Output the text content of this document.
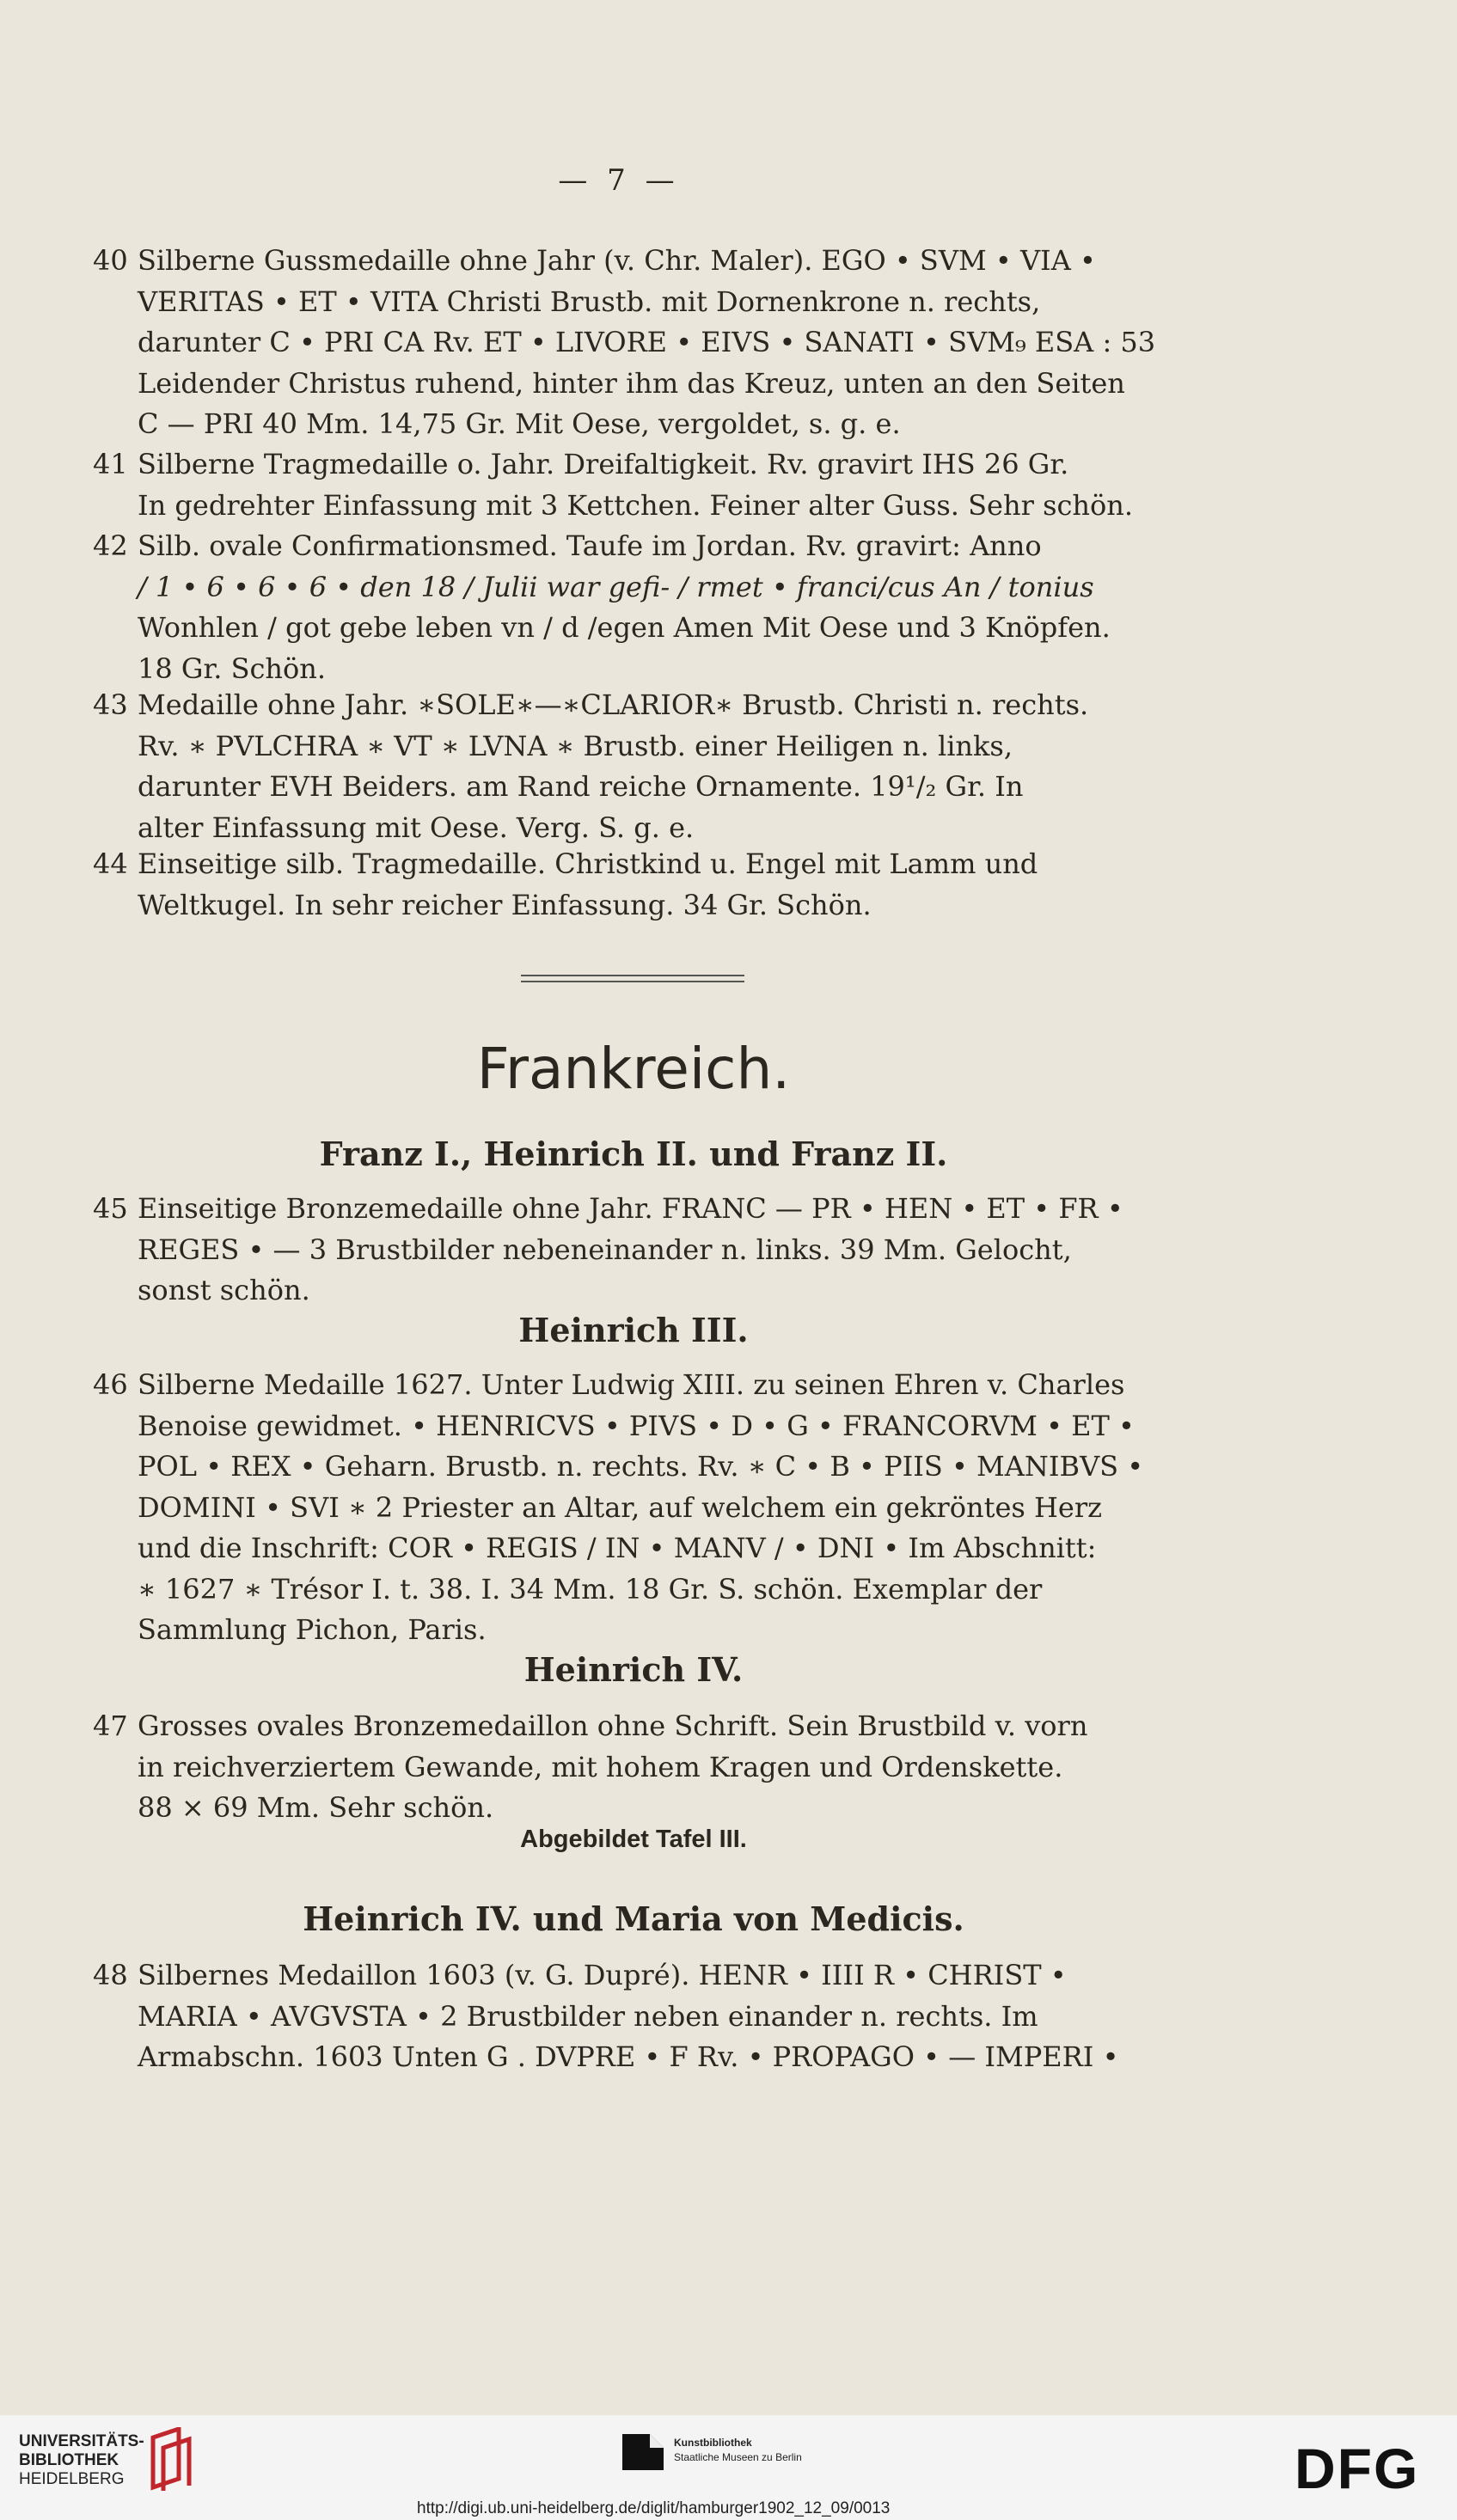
— 7 —
40 Silberne Gussmedaille ohne Jahr (v. Chr. Maler). EGO • SVM • VIA •
VERITAS • ET • VITA Christi Brustb. mit Dornenkrone n. rechts,
darunter C • PRI CA Rv. ET • LIVORE • EIVS • SANATI • SVM₉ ESA : 53
Leidender Christus ruhend, hinter ihm das Kreuz, unten an den Seiten
C — PRI 40 Mm. 14,75 Gr. Mit Oese, vergoldet, s. g. e.
41 Silberne Tragmedaille o. Jahr. Dreifaltigkeit. Rv. gravirt IHS 26 Gr.
In gedrehter Einfassung mit 3 Kettchen. Feiner alter Guss. Sehr schön.
42 Silb. ovale Confirmationsmed. Taufe im Jordan. Rv. gravirt: Anno
/ 1 • 6 • 6 • 6 • den 18 / Julii war gefi- / rmet • franci/cus An / tonius
Wonhlen / got gebe leben vn / d /egen Amen Mit Oese und 3 Knöpfen.
18 Gr. Schön.
43 Medaille ohne Jahr. ∗SOLE∗—∗CLARIOR∗ Brustb. Christi n. rechts.
Rv. ∗ PVLCHRA ∗ VT ∗ LVNA ∗ Brustb. einer Heiligen n. links,
darunter EVH Beiders. am Rand reiche Ornamente. 19¹/₂ Gr. In
alter Einfassung mit Oese. Verg. S. g. e.
44 Einseitige silb. Tragmedaille. Christkind u. Engel mit Lamm und
Weltkugel. In sehr reicher Einfassung. 34 Gr. Schön.
Frankreich.
Franz I., Heinrich II. und Franz II.
45 Einseitige Bronzemedaille ohne Jahr. FRANC — PR • HEN • ET • FR •
REGES • — 3 Brustbilder nebeneinander n. links. 39 Mm. Gelocht,
sonst schön.
Heinrich III.
46 Silberne Medaille 1627. Unter Ludwig XIII. zu seinen Ehren v. Charles
Benoise gewidmet. • HENRICVS • PIVS • D • G • FRANCORVM • ET •
POL • REX • Geharn. Brustb. n. rechts. Rv. ∗ C • B • PIIS • MANIBVS •
DOMINI • SVI ∗ 2 Priester an Altar, auf welchem ein gekröntes Herz
und die Inschrift: COR • REGIS / IN • MANV / • DNI • Im Abschnitt:
∗ 1627 ∗ Trésor I. t. 38. I. 34 Mm. 18 Gr. S. schön. Exemplar der
Sammlung Pichon, Paris.
Heinrich IV.
47 Grosses ovales Bronzemedaillon ohne Schrift. Sein Brustbild v. vorn
in reichverziertem Gewande, mit hohem Kragen und Ordenskette.
88 × 69 Mm. Sehr schön.
Abgebildet Tafel III.
Heinrich IV. und Maria von Medicis.
48 Silbernes Medaillon 1603 (v. G. Dupré). HENR • IIII R • CHRIST •
MARIA • AVGVSTA • 2 Brustbilder neben einander n. rechts. Im
Armabschn. 1603 Unten G . DVPRE • F Rv. • PROPAGO • — IMPERI •
UNIVERSITÄTS-
BIBLIOTHEK
HEIDELBERG
Kunstbibliothek
Staatliche Museen zu Berlin	DFG
http://digi.ub.uni-heidelberg.de/diglit/hamburger1902_12_09/0013
